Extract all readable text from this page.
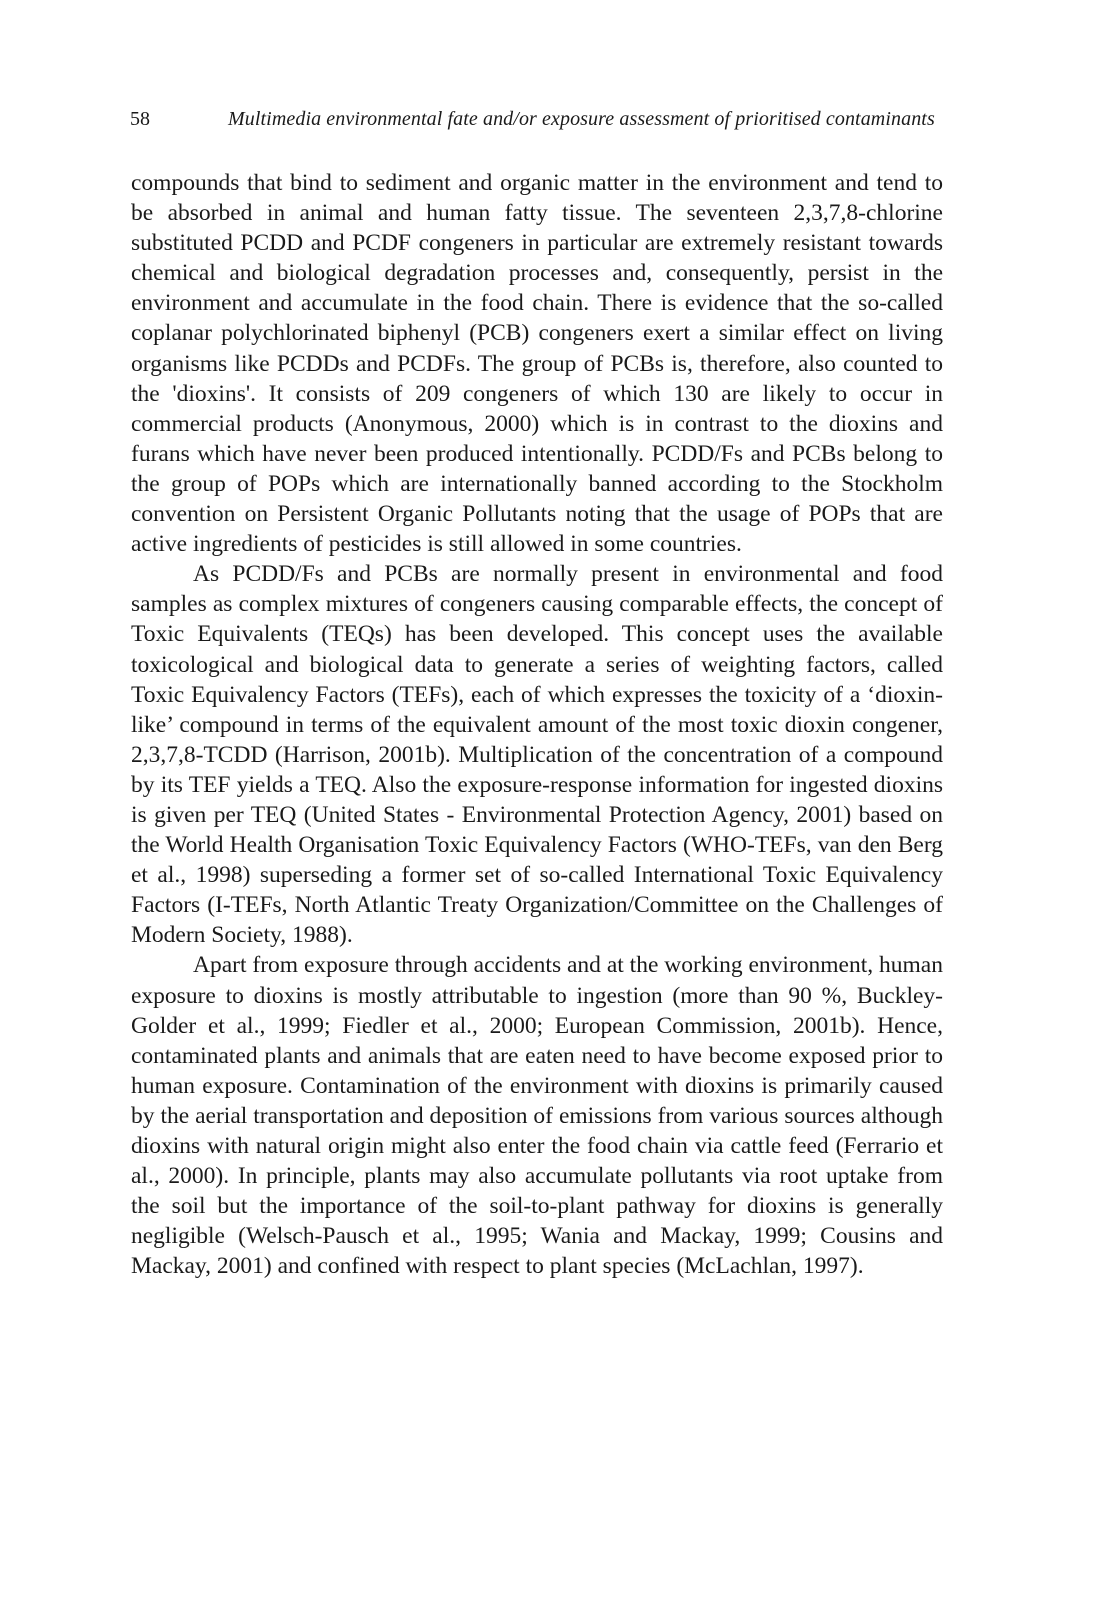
58	Multimedia environmental fate and/or exposure assessment of prioritised contaminants

compounds that bind to sediment and organic matter in the environment and tend to be absorbed in animal and human fatty tissue. The seventeen 2,3,7,8-chlorine substituted PCDD and PCDF congeners in particular are extremely resistant towards chemical and biological degradation processes and, consequently, persist in the environment and accumulate in the food chain. There is evidence that the so-called coplanar polychlorinated biphenyl (PCB) congeners exert a similar effect on living organisms like PCDDs and PCDFs. The group of PCBs is, therefore, also counted to the 'dioxins'. It consists of 209 congeners of which 130 are likely to occur in commercial products (Anonymous, 2000) which is in contrast to the dioxins and furans which have never been produced intentionally. PCDD/Fs and PCBs belong to the group of POPs which are internationally banned according to the Stockholm convention on Persistent Organic Pollutants noting that the usage of POPs that are active ingredients of pesticides is still allowed in some countries.

As PCDD/Fs and PCBs are normally present in environmental and food samples as complex mixtures of congeners causing comparable effects, the concept of Toxic Equivalents (TEQs) has been developed. This concept uses the available toxicological and biological data to generate a series of weighting factors, called Toxic Equivalency Factors (TEFs), each of which expresses the toxicity of a ‘dioxin-like’ compound in terms of the equivalent amount of the most toxic dioxin congener, 2,3,7,8-TCDD (Harrison, 2001b). Multiplication of the concentration of a compound by its TEF yields a TEQ. Also the exposure-response information for ingested dioxins is given per TEQ (United States - Environmental Protection Agency, 2001) based on the World Health Organisation Toxic Equivalency Factors (WHO-TEFs, van den Berg et al., 1998) superseding a former set of so-called International Toxic Equivalency Factors (I-TEFs, North Atlantic Treaty Organization/Committee on the Challenges of Modern Society, 1988).

Apart from exposure through accidents and at the working environment, human exposure to dioxins is mostly attributable to ingestion (more than 90 %, Buckley-Golder et al., 1999; Fiedler et al., 2000; European Commission, 2001b). Hence, contaminated plants and animals that are eaten need to have become exposed prior to human exposure. Contamination of the environment with dioxins is primarily caused by the aerial transportation and deposition of emissions from various sources although dioxins with natural origin might also enter the food chain via cattle feed (Ferrario et al., 2000). In principle, plants may also accumulate pollutants via root uptake from the soil but the importance of the soil-to-plant pathway for dioxins is generally negligible (Welsch-Pausch et al., 1995; Wania and Mackay, 1999; Cousins and Mackay, 2001) and confined with respect to plant species (McLachlan, 1997).
